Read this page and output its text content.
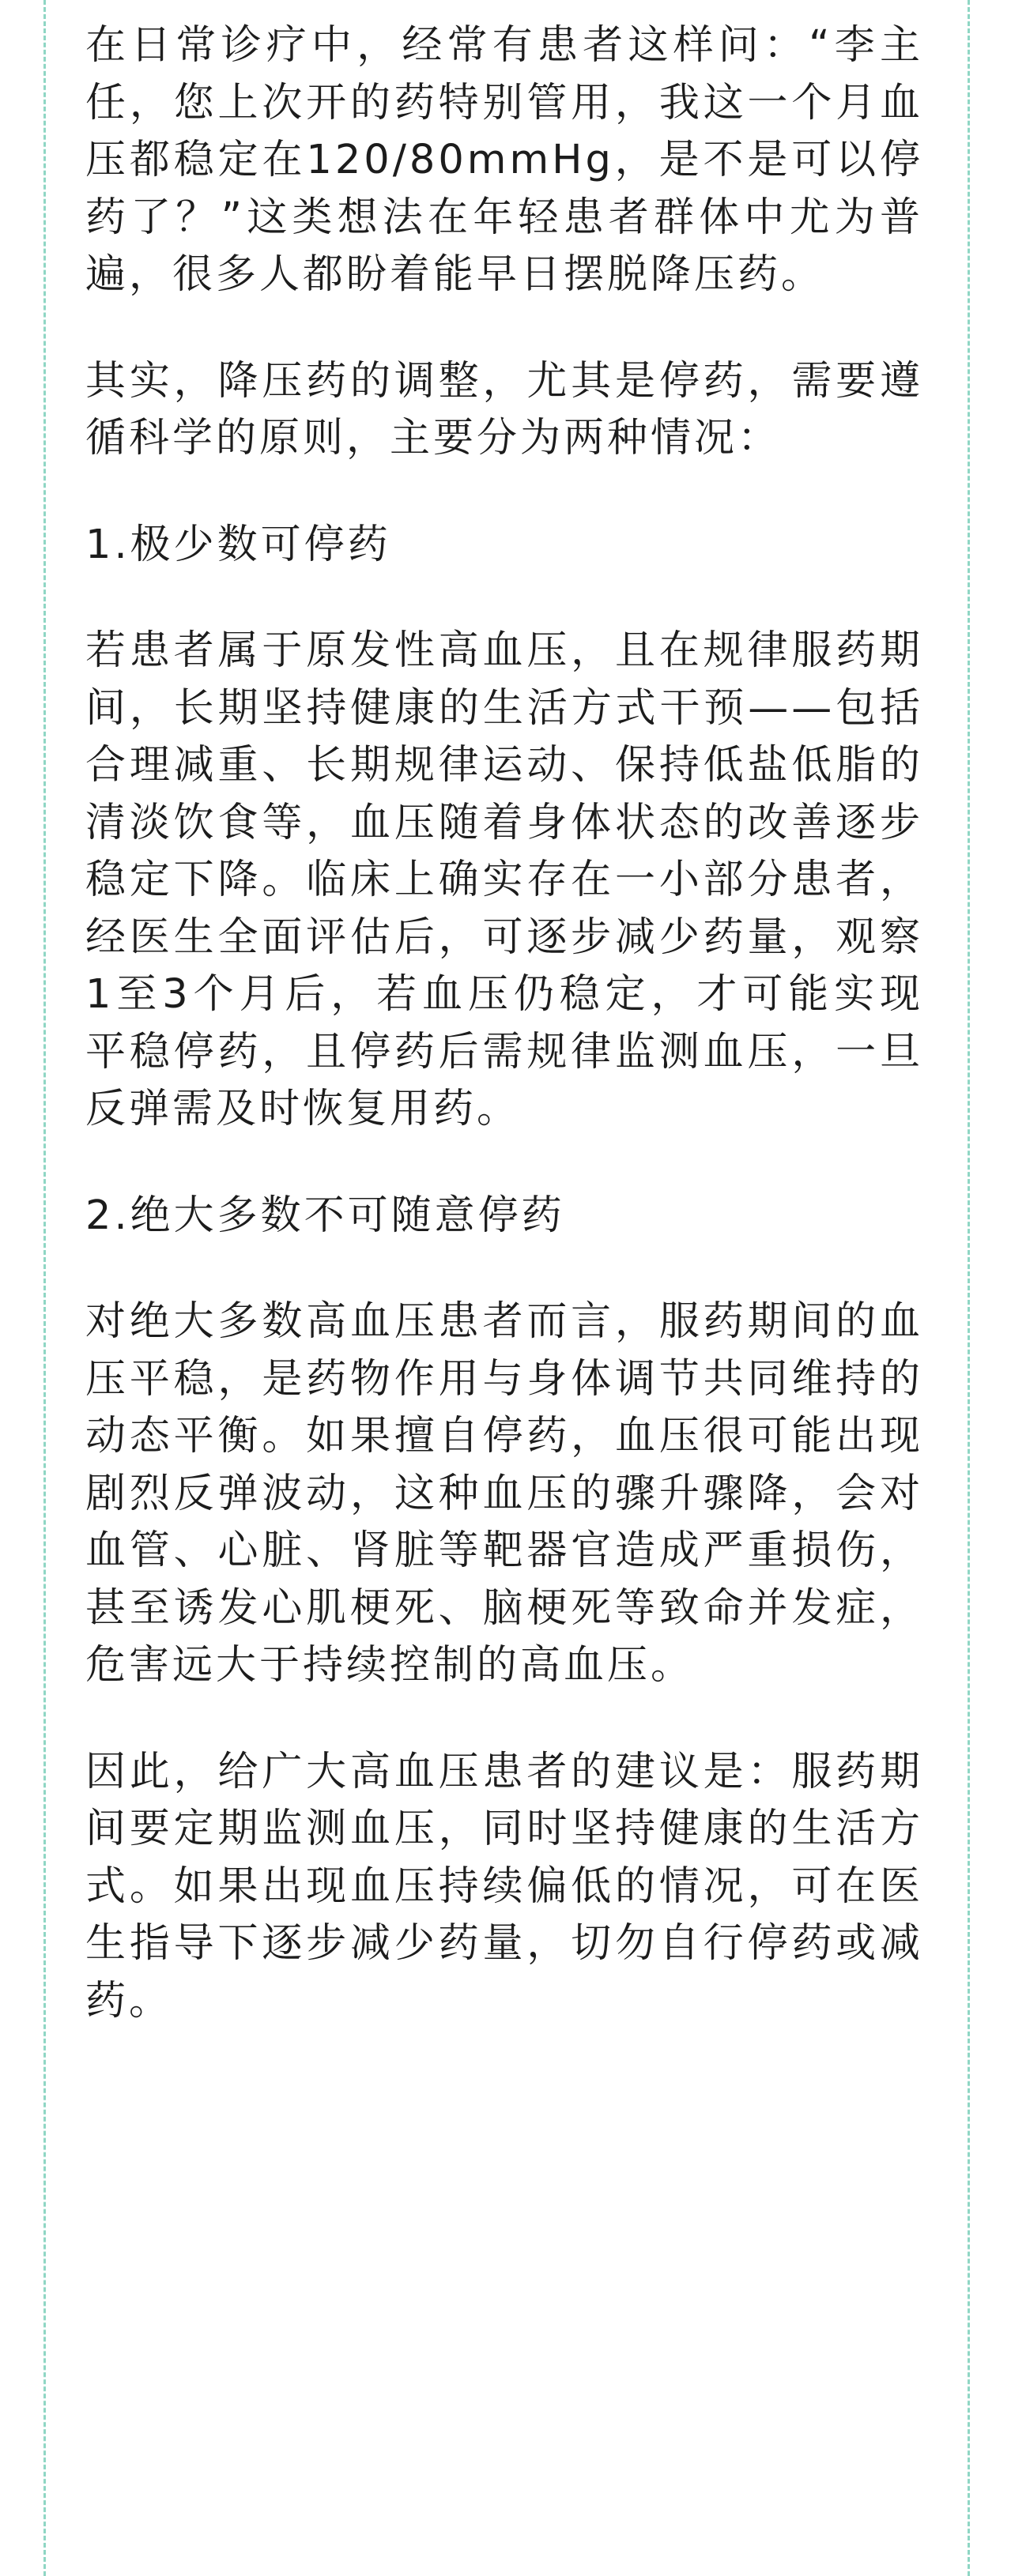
在日常诊疗中，经常有患者这样问：“李主任，您上次开的药特别管用，我这一个月血压都稳定在120/80mmHg，是不是可以停药了？”这类想法在年轻患者群体中尤为普遍，很多人都盼着能早日摆脱降压药。

其实，降压药的调整，尤其是停药，需要遵循科学的原则，主要分为两种情况：

1.极少数可停药

若患者属于原发性高血压，且在规律服药期间，长期坚持健康的生活方式干预——包括合理减重、长期规律运动、保持低盐低脂的清淡饮食等，血压随着身体状态的改善逐步稳定下降。临床上确实存在一小部分患者，经医生全面评估后，可逐步减少药量，观察1至3个月后，若血压仍稳定，才可能实现平稳停药，且停药后需规律监测血压，一旦反弹需及时恢复用药。

2.绝大多数不可随意停药

对绝大多数高血压患者而言，服药期间的血压平稳，是药物作用与身体调节共同维持的动态平衡。如果擅自停药，血压很可能出现剧烈反弹波动，这种血压的骤升骤降，会对血管、心脏、肾脏等靶器官造成严重损伤，甚至诱发心肌梗死、脑梗死等致命并发症，危害远大于持续控制的高血压。

因此，给广大高血压患者的建议是：服药期间要定期监测血压，同时坚持健康的生活方式。如果出现血压持续偏低的情况，可在医生指导下逐步减少药量，切勿自行停药或减药。
